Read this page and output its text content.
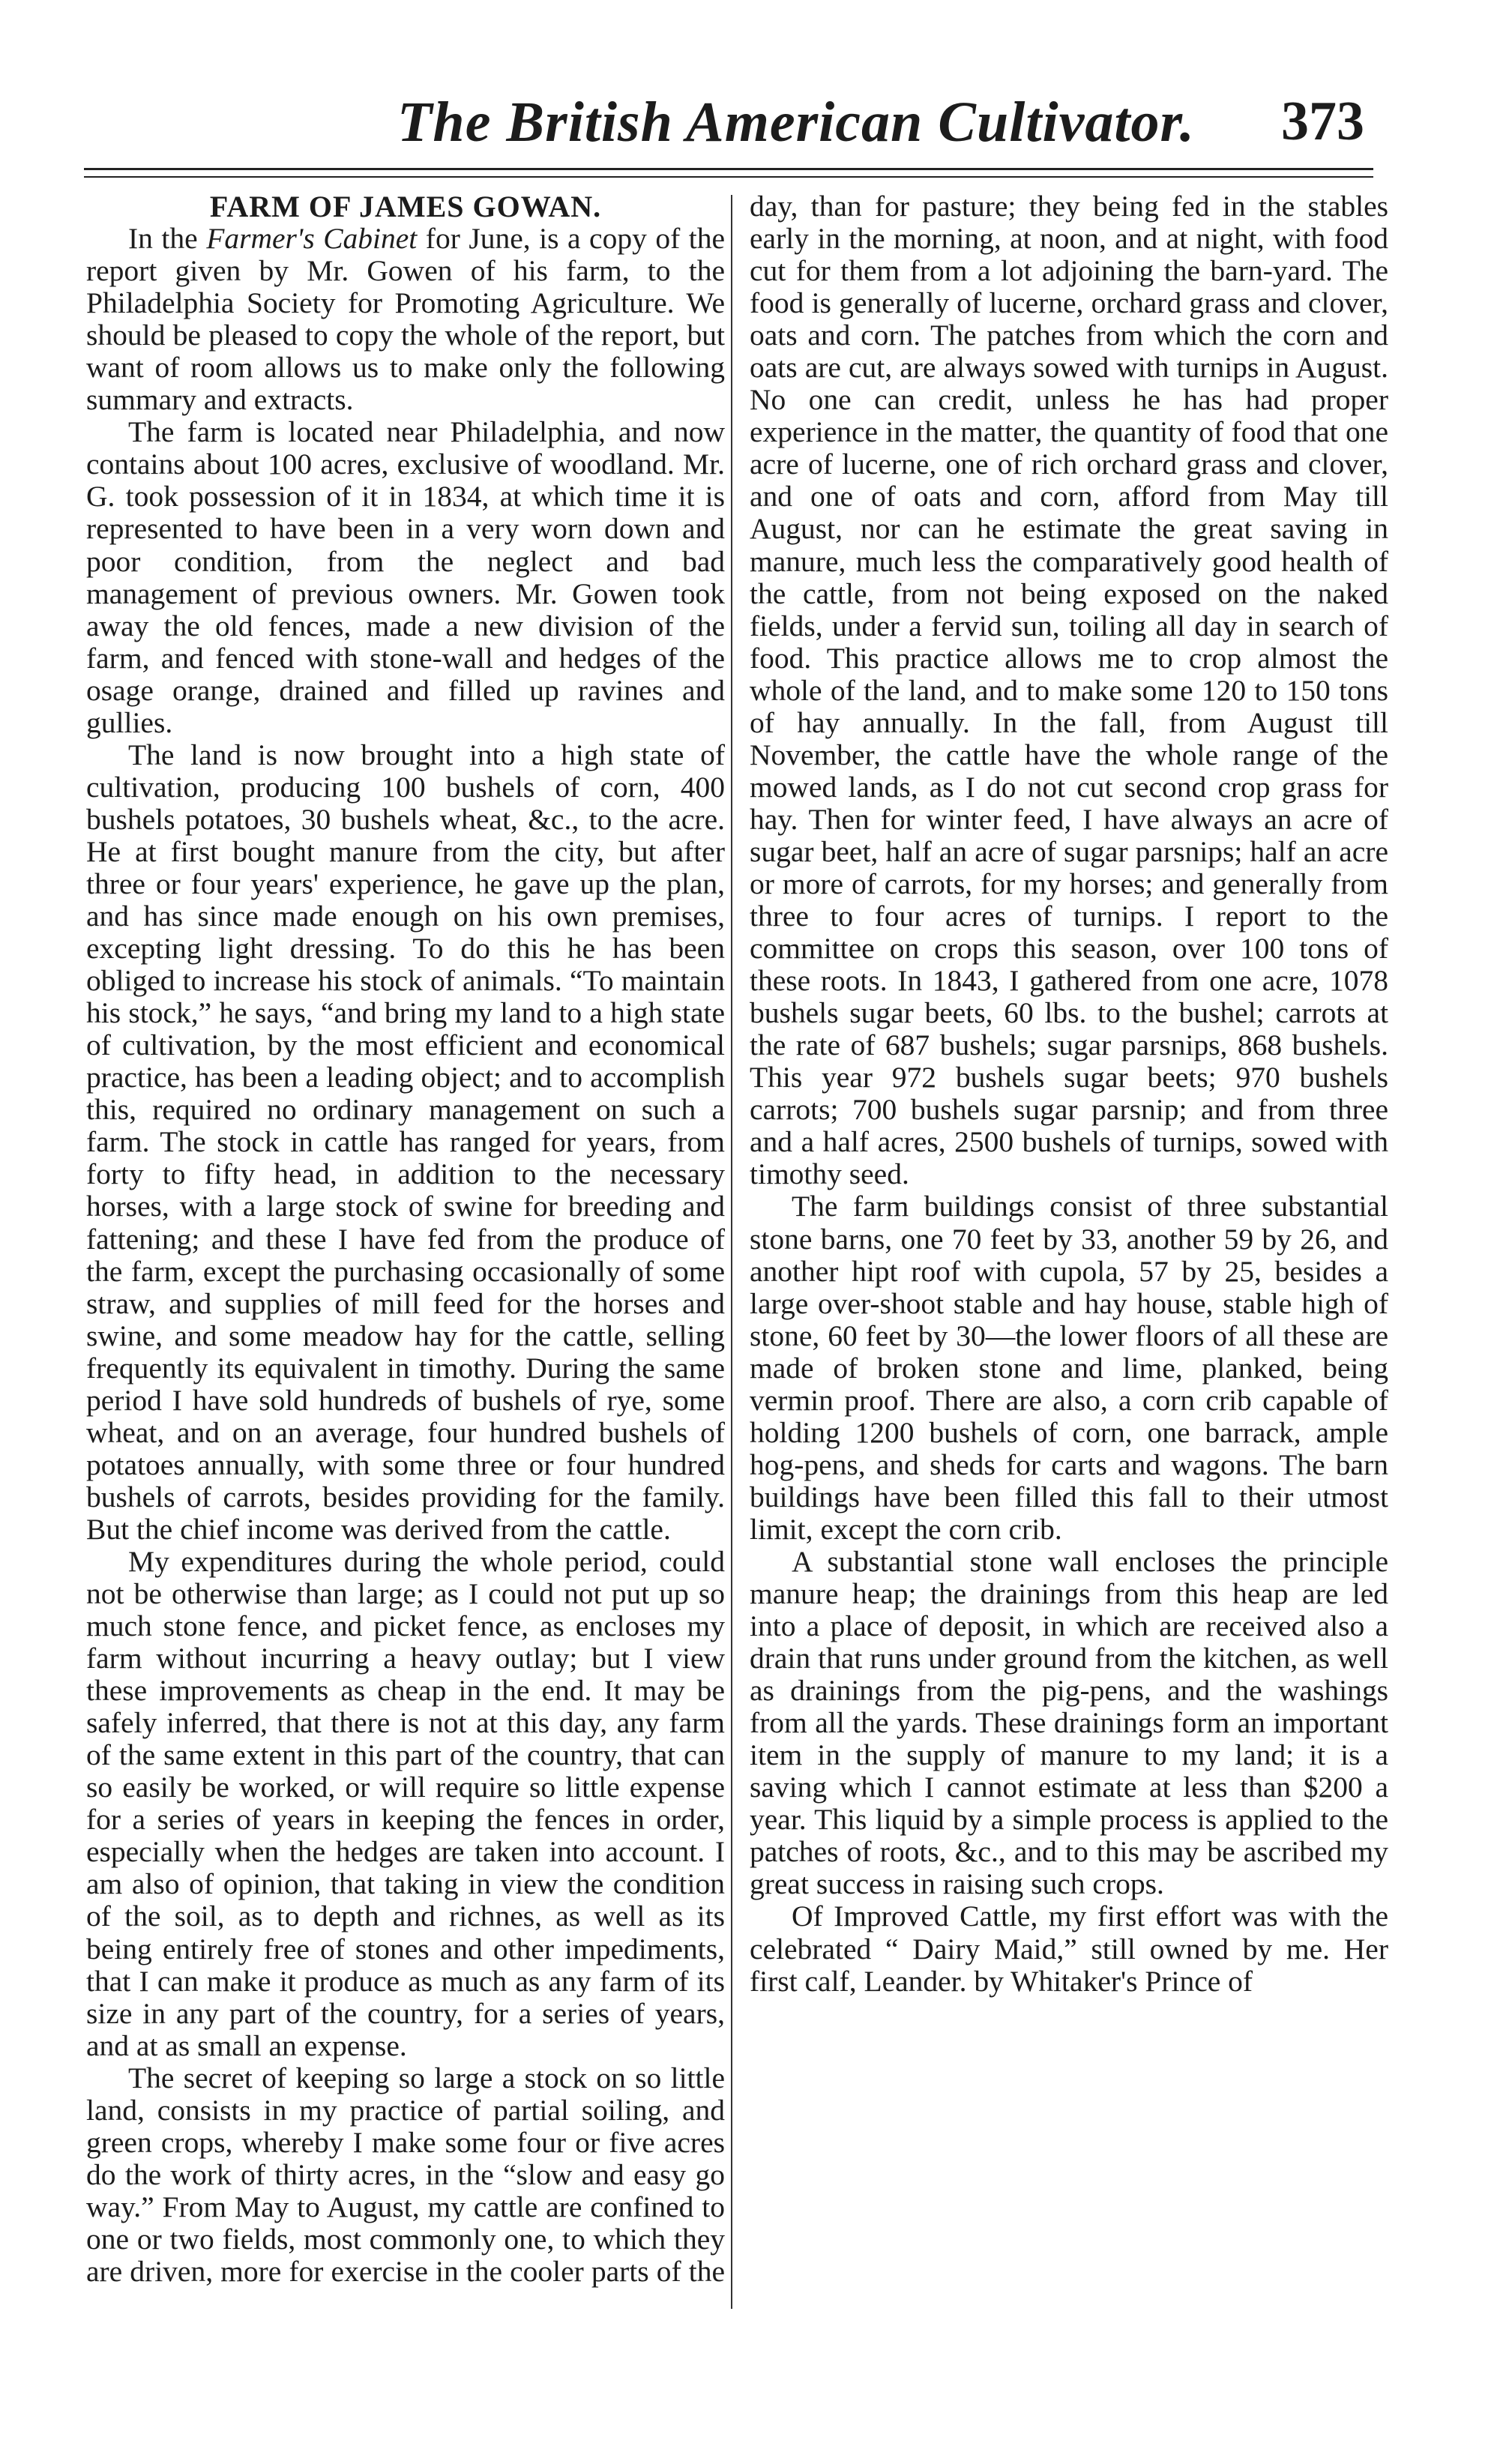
The British American Cultivator. 373
FARM OF JAMES GOWAN.

In the Farmer's Cabinet for June, is a copy of the report given by Mr. Gowen of his farm, to the Philadelphia Society for Promoting Agriculture. We should be pleased to copy the whole of the report, but want of room allows us to make only the following summary and extracts.

The farm is located near Philadelphia, and now contains about 100 acres, exclusive of woodland. Mr. G. took possession of it in 1834, at which time it is represented to have been in a very worn down and poor condition, from the neglect and bad management of previous owners. Mr. Gowen took away the old fences, made a new division of the farm, and fenced with stone-wall and hedges of the osage orange, drained and filled up ravines and gullies.

The land is now brought into a high state of cultivation, producing 100 bushels of corn, 400 bushels potatoes, 30 bushels wheat, &c., to the acre. He at first bought manure from the city, but after three or four years' experience, he gave up the plan, and has since made enough on his own premises, excepting light dressing. To do this he has been obliged to increase his stock of animals. “To maintain his stock,” he says, “and bring my land to a high state of cultivation, by the most efficient and economical practice, has been a leading object; and to accomplish this, required no ordinary management on such a farm. The stock in cattle has ranged for years, from forty to fifty head, in addition to the necessary horses, with a large stock of swine for breeding and fattening; and these I have fed from the produce of the farm, except the purchasing occasionally of some straw, and supplies of mill feed for the horses and swine, and some meadow hay for the cattle, selling frequently its equivalent in timothy. During the same period I have sold hundreds of bushels of rye, some wheat, and on an average, four hundred bushels of potatoes annually, with some three or four hundred bushels of carrots, besides providing for the family. But the chief income was derived from the cattle.

My expenditures during the whole period, could not be otherwise than large; as I could not put up so much stone fence, and picket fence, as encloses my farm without incurring a heavy outlay; but I view these improvements as cheap in the end. It may be safely inferred, that there is not at this day, any farm of the same extent in this part of the country, that can so easily be worked, or will require so little expense for a series of years in keeping the fences in order, especially when the hedges are taken into account. I am also of opinion, that taking in view the condition of the soil, as to depth and richnes, as well as its being entirely free of stones and other impediments, that I can make it produce as much as any farm of its size in any part of the country, for a series of years, and at as small an expense.

The secret of keeping so large a stock on so little land, consists in my practice of partial soiling, and green crops, whereby I make some four or five acres do the work of thirty acres, in the “slow and easy go way.” From May to August, my cattle are confined to one or two fields, most commonly one, to which they are driven, more for exercise in the cooler parts of the

day, than for pasture; they being fed in the stables early in the morning, at noon, and at night, with food cut for them from a lot adjoining the barn-yard. The food is generally of lucerne, orchard grass and clover, oats and corn. The patches from which the corn and oats are cut, are always sowed with turnips in August. No one can credit, unless he has had proper experience in the matter, the quantity of food that one acre of lucerne, one of rich orchard grass and clover, and one of oats and corn, afford from May till August, nor can he estimate the great saving in manure, much less the comparatively good health of the cattle, from not being exposed on the naked fields, under a fervid sun, toiling all day in search of food. This practice allows me to crop almost the whole of the land, and to make some 120 to 150 tons of hay annually. In the fall, from August till November, the cattle have the whole range of the mowed lands, as I do not cut second crop grass for hay. Then for winter feed, I have always an acre of sugar beet, half an acre of sugar parsnips; half an acre or more of carrots, for my horses; and generally from three to four acres of turnips. I report to the committee on crops this season, over 100 tons of these roots. In 1843, I gathered from one acre, 1078 bushels sugar beets, 60 lbs. to the bushel; carrots at the rate of 687 bushels; sugar parsnips, 868 bushels. This year 972 bushels sugar beets; 970 bushels carrots; 700 bushels sugar parsnip; and from three and a half acres, 2500 bushels of turnips, sowed with timothy seed.

The farm buildings consist of three substantial stone barns, one 70 feet by 33, another 59 by 26, and another hipt roof with cupola, 57 by 25, besides a large over-shoot stable and hay house, stable high of stone, 60 feet by 30—the lower floors of all these are made of broken stone and lime, planked, being vermin proof. There are also, a corn crib capable of holding 1200 bushels of corn, one barrack, ample hog-pens, and sheds for carts and wagons. The barn buildings have been filled this fall to their utmost limit, except the corn crib.

A substantial stone wall encloses the principle manure heap; the drainings from this heap are led into a place of deposit, in which are received also a drain that runs under ground from the kitchen, as well as drainings from the pig-pens, and the washings from all the yards. These drainings form an important item in the supply of manure to my land; it is a saving which I cannot estimate at less than $200 a year. This liquid by a simple process is applied to the patches of roots, &c., and to this may be ascribed my great success in raising such crops.

Of Improved Cattle, my first effort was with the celebrated “ Dairy Maid,” still owned by me. Her first calf, Leander. by Whitaker's Prince of
